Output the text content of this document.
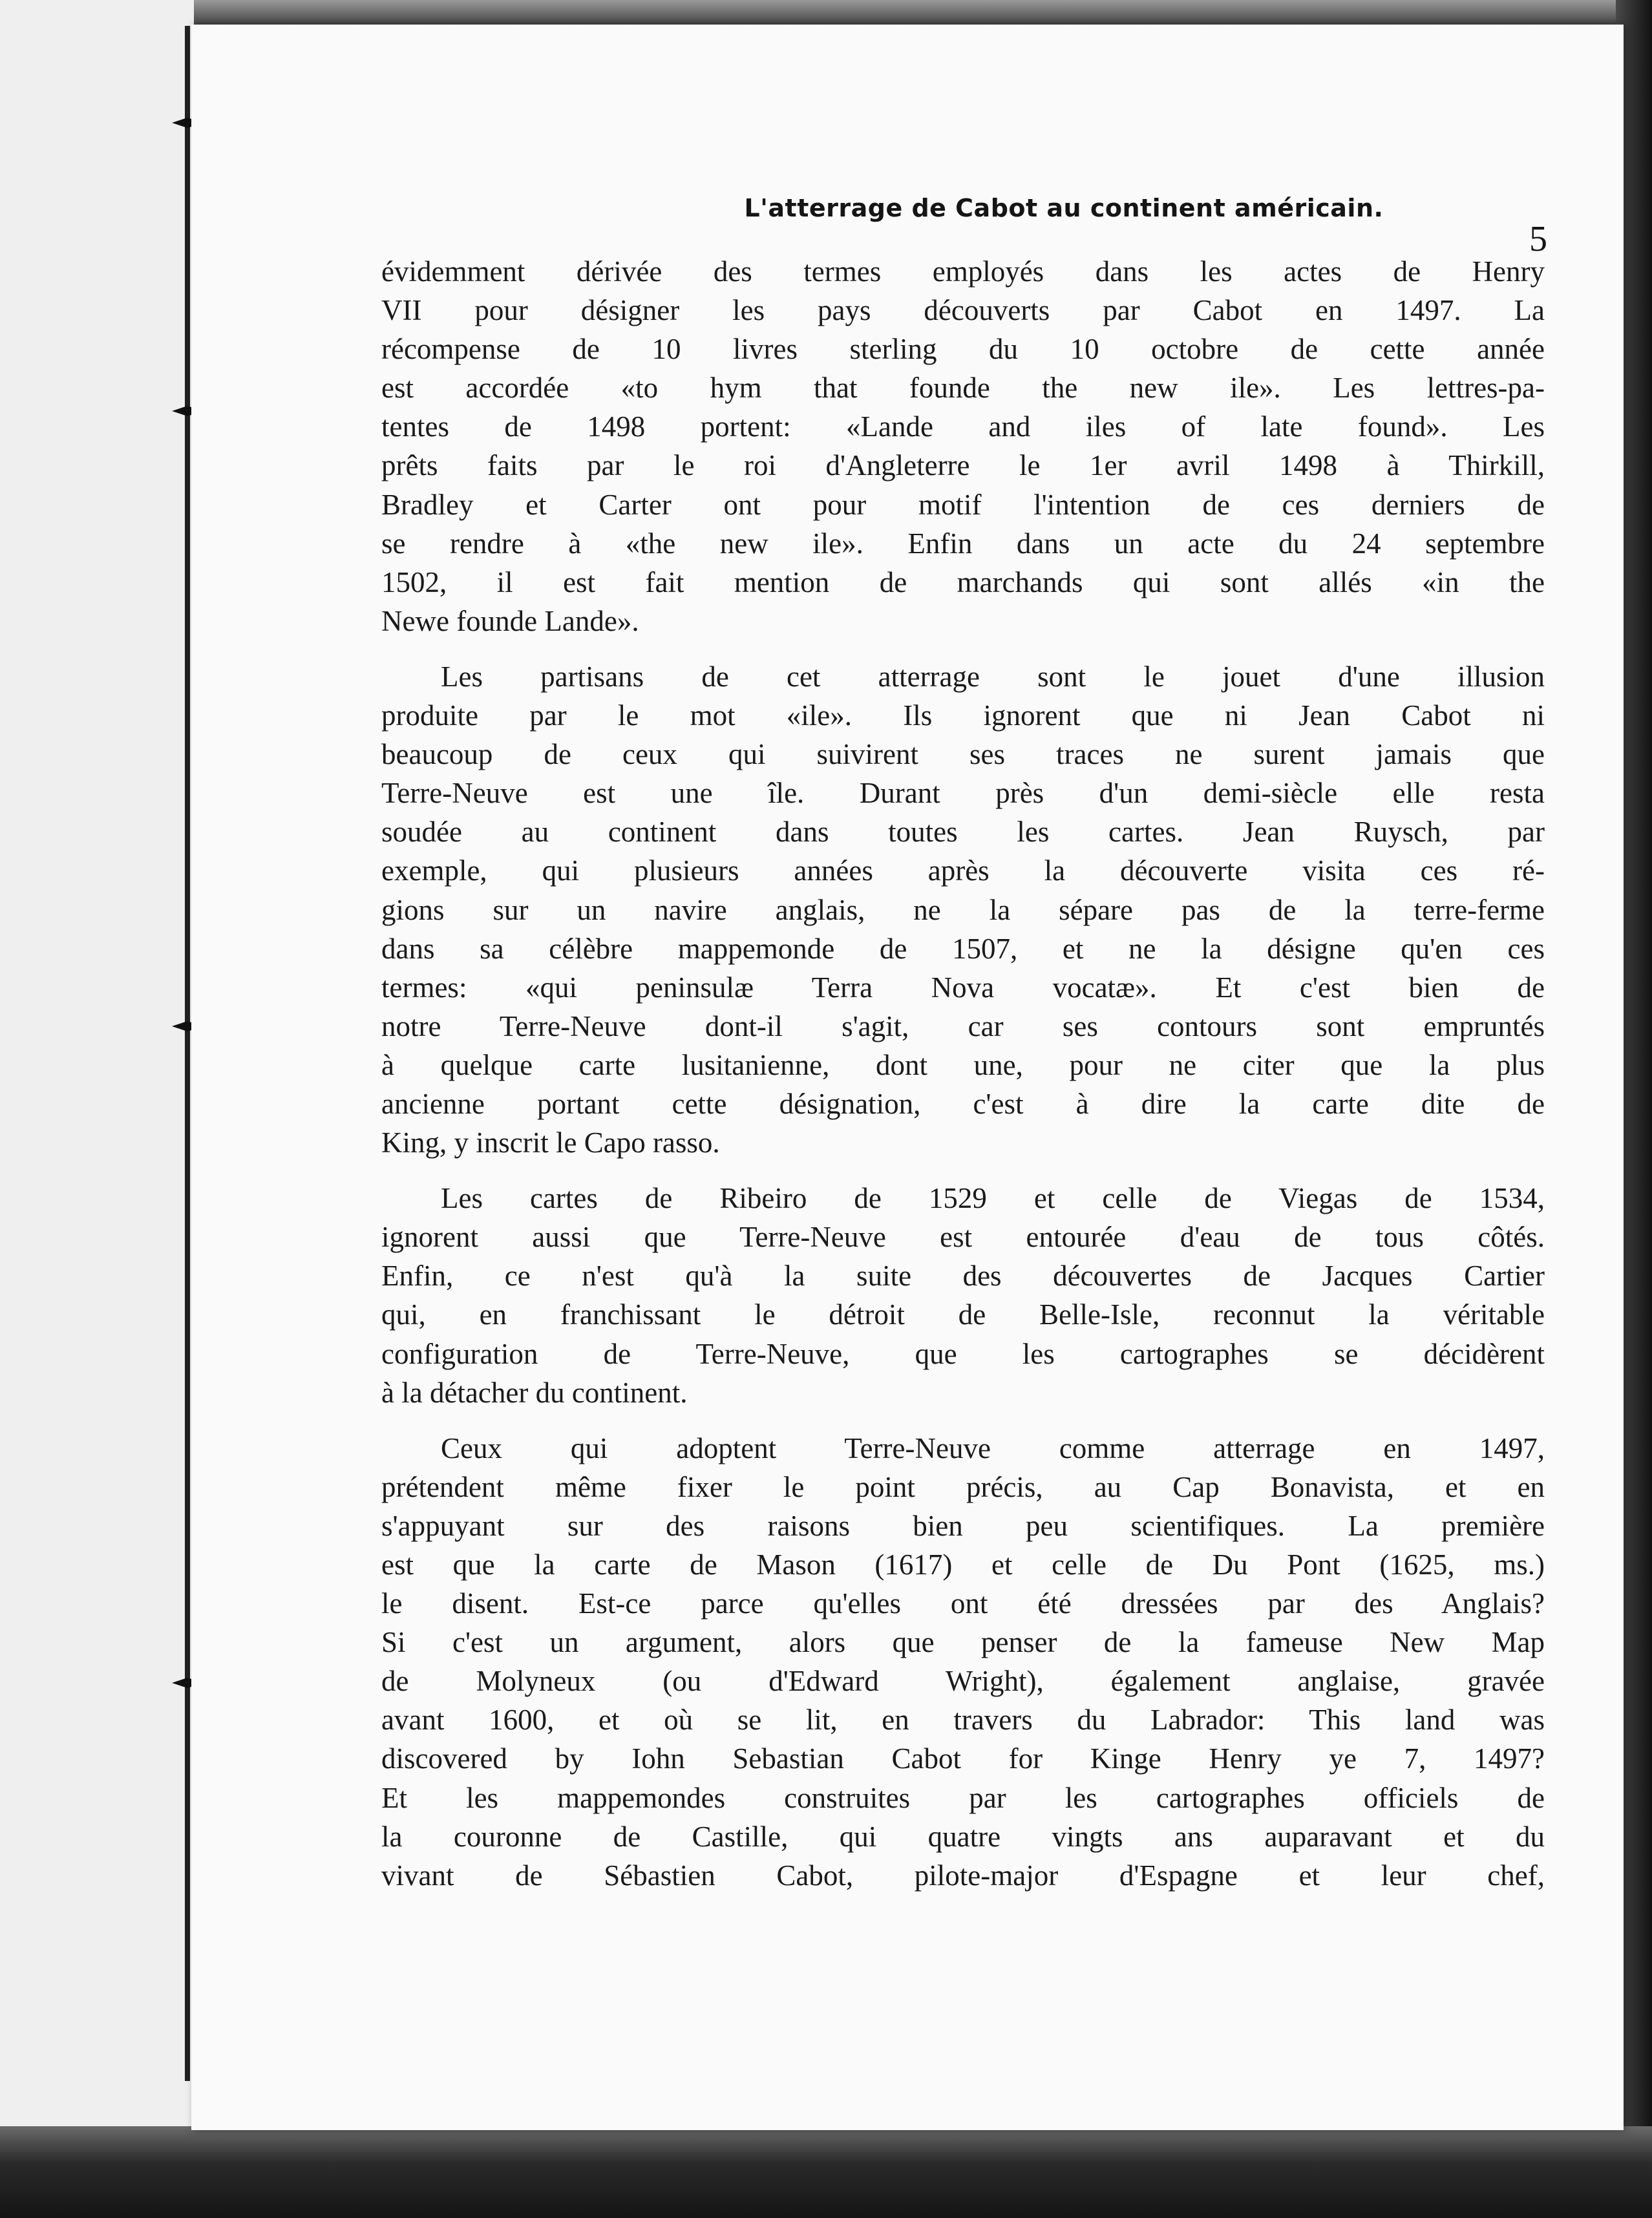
L'atterrage de Cabot au continent américain.
5

évidemment dérivée des termes employés dans les actes de Henry
VII pour désigner les pays découverts par Cabot en 1497. La
récompense de 10 livres sterling du 10 octobre de cette année
est accordée «to hym that founde the new ile». Les lettres-pa-
tentes de 1498 portent: «Lande and iles of late found». Les
prêts faits par le roi d'Angleterre le 1er avril 1498 à Thirkill,
Bradley et Carter ont pour motif l'intention de ces derniers de
se rendre à «the new ile». Enfin dans un acte du 24 septembre
1502, il est fait mention de marchands qui sont allés «in the
Newe founde Lande».

Les partisans de cet atterrage sont le jouet d'une illusion
produite par le mot «ile». Ils ignorent que ni Jean Cabot ni
beaucoup de ceux qui suivirent ses traces ne surent jamais que
Terre-Neuve est une île. Durant près d'un demi-siècle elle resta
soudée au continent dans toutes les cartes. Jean Ruysch, par
exemple, qui plusieurs années après la découverte visita ces ré-
gions sur un navire anglais, ne la sépare pas de la terre-ferme
dans sa célèbre mappemonde de 1507, et ne la désigne qu'en ces
termes: «qui peninsulæ Terra Nova vocatæ». Et c'est bien de
notre Terre-Neuve dont-il s'agit, car ses contours sont empruntés
à quelque carte lusitanienne, dont une, pour ne citer que la plus
ancienne portant cette désignation, c'est à dire la carte dite de
King, y inscrit le Capo rasso.

Les cartes de Ribeiro de 1529 et celle de Viegas de 1534,
ignorent aussi que Terre-Neuve est entourée d'eau de tous côtés.
Enfin, ce n'est qu'à la suite des découvertes de Jacques Cartier
qui, en franchissant le détroit de Belle-Isle, reconnut la véritable
configuration de Terre-Neuve, que les cartographes se décidèrent
à la détacher du continent.

Ceux qui adoptent Terre-Neuve comme atterrage en 1497,
prétendent même fixer le point précis, au Cap Bonavista, et en
s'appuyant sur des raisons bien peu scientifiques. La première
est que la carte de Mason (1617) et celle de Du Pont (1625, ms.)
le disent. Est-ce parce qu'elles ont été dressées par des Anglais?
Si c'est un argument, alors que penser de la fameuse New Map
de Molyneux (ou d'Edward Wright), également anglaise, gravée
avant 1600, et où se lit, en travers du Labrador: This land was
discovered by Iohn Sebastian Cabot for Kinge Henry ye 7, 1497?
Et les mappemondes construites par les cartographes officiels de
la couronne de Castille, qui quatre vingts ans auparavant et du
vivant de Sébastien Cabot, pilote-major d'Espagne et leur chef,
